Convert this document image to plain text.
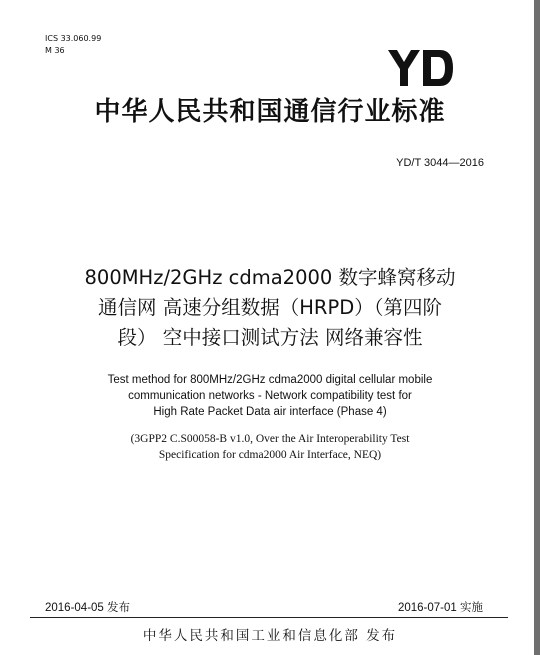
ICS 33.060.99
M 36
中华人民共和国通信行业标准
YD/T 3044—2016
800MHz/2GHz cdma2000 数字蜂窝移动
通信网 高速分组数据（HRPD）（第四阶
段） 空中接口测试方法 网络兼容性
Test method for 800MHz/2GHz cdma2000 digital cellular mobile
communication networks - Network compatibility test for
High Rate Packet Data air interface (Phase 4)
(3GPP2 C.S00058-B v1.0, Over the Air Interoperability Test
Specification for cdma2000 Air Interface, NEQ)
2016-04-05 发布	2016-07-01 实施
中华人民共和国工业和信息化部 发布
